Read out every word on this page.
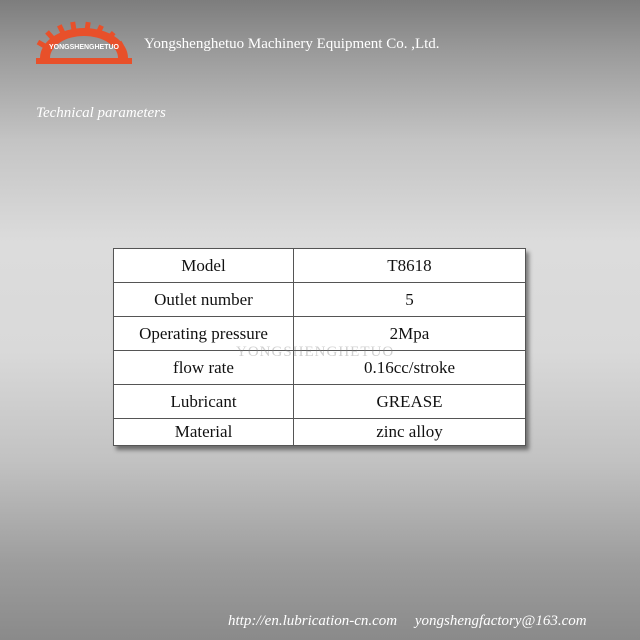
YONGSHENGHETUO Yongshenghetuo Machinery Equipment Co. ,Ltd.
Technical parameters
Model	T8618
Outlet number	5
Operating pressure	2Mpa
flow rate	0.16cc/stroke
Lubricant	GREASE
Material	zinc alloy
YONGSHENGHETUO
http://en.lubrication-cn.com yongshengfactory@163.com
